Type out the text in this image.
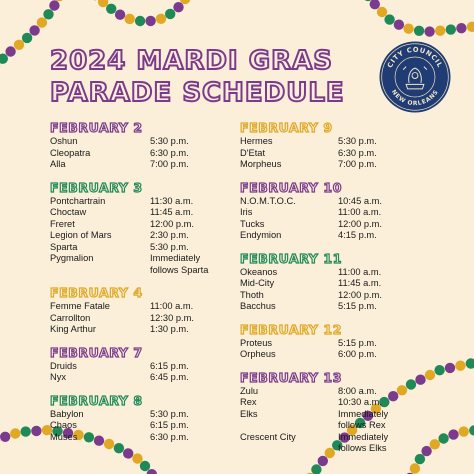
2024 MARDI GRAS
PARADE SCHEDULE
CITY COUNCIL
NEW ORLEANS
FEBRUARY 2
Oshun	5:30 p.m.
Cleopatra	6:30 p.m.
Alla	7:00 p.m.
FEBRUARY 3
Pontchartrain	11:30 a.m.
Choctaw	11:45 a.m.
Freret	12:00 p.m.
Legion of Mars	2:30 p.m.
Sparta	5:30 p.m.
Pygmalion	Immediately
follows Sparta
FEBRUARY 4
Femme Fatale	11:00 a.m.
Carrollton	12:30 p.m.
King Arthur	1:30 p.m.
FEBRUARY 7
Druids	6:15 p.m.
Nyx	6:45 p.m.
FEBRUARY 8
Babylon	5:30 p.m.
Chaos	6:15 p.m.
Muses	6:30 p.m.
FEBRUARY 9
Hermes	5:30 p.m.
D'Etat	6:30 p.m.
Morpheus	7:00 p.m.
FEBRUARY 10
N.O.M.T.O.C.	10:45 a.m.
Iris	11:00 a.m.
Tucks	12:00 p.m.
Endymion	4:15 p.m.
FEBRUARY 11
Okeanos	11:00 a.m.
Mid-City	11:45 a.m.
Thoth	12:00 p.m.
Bacchus	5:15 p.m.
FEBRUARY 12
Proteus	5:15 p.m.
Orpheus	6:00 p.m.
FEBRUARY 13
Zulu	8:00 a.m.
Rex	10:30 a.m.
Elks	Immediately
follows Rex
Crescent City	Immediately
follows Elks
